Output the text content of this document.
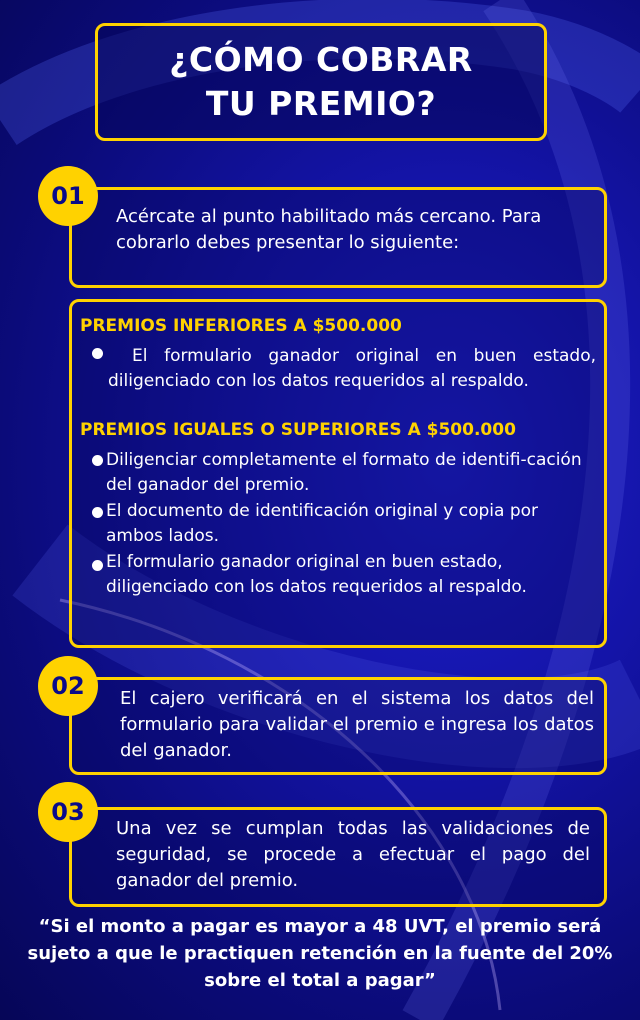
¿CÓMO COBRAR TU PREMIO?
01
Acércate al punto habilitado más cercano. Para cobrarlo debes presentar lo siguiente:
PREMIOS INFERIORES A $500.000
El formulario ganador original en buen estado, diligenciado con los datos requeridos al respaldo.
PREMIOS IGUALES O SUPERIORES A $500.000
Diligenciar completamente el formato de identifi-cación del ganador del premio.
El documento de identificación original y copia por ambos lados.
El formulario ganador original en buen estado, diligenciado con los datos requeridos al respaldo.
02	El cajero verificará en el sistema los datos del formulario para validar el premio e ingresa los datos del ganador.
03
Una vez se cumplan todas las validaciones de seguridad, se procede a efectuar el pago del ganador del premio.
“Si el monto a pagar es mayor a 48 UVT, el premio será sujeto a que le practiquen retención en la fuente del 20% sobre el total a pagar”
